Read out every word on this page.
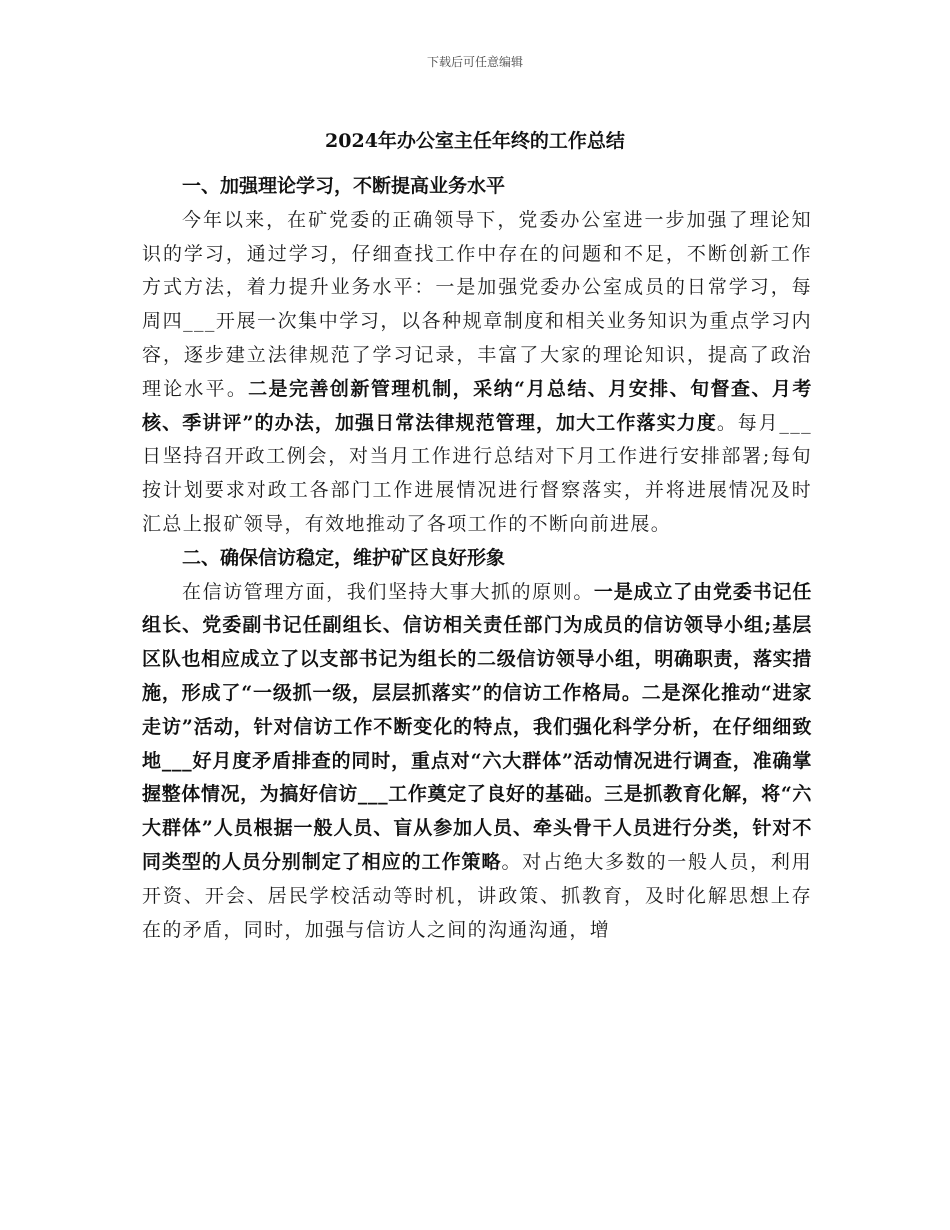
下载后可任意编辑
2024年办公室主任年终的工作总结

一、加强理论学习，不断提高业务水平

今年以来，在矿党委的正确领导下，党委办公室进一步加强了理论知识的学习，通过学习，仔细查找工作中存在的问题和不足，不断创新工作方式方法，着力提升业务水平：一是加强党委办公室成员的日常学习，每周四___开展一次集中学习，以各种规章制度和相关业务知识为重点学习内容，逐步建立法律规范了学习记录，丰富了大家的理论知识，提高了政治理论水平。二是完善创新管理机制，采纳“月总结、月安排、旬督查、月考核、季讲评”的办法，加强日常法律规范管理，加大工作落实力度。每月___日坚持召开政工例会，对当月工作进行总结对下月工作进行安排部署;每旬按计划要求对政工各部门工作进展情况进行督察落实，并将进展情况及时汇总上报矿领导，有效地推动了各项工作的不断向前进展。

二、确保信访稳定，维护矿区良好形象

在信访管理方面，我们坚持大事大抓的原则。一是成立了由党委书记任组长、党委副书记任副组长、信访相关责任部门为成员的信访领导小组;基层区队也相应成立了以支部书记为组长的二级信访领导小组，明确职责，落实措施，形成了“一级抓一级，层层抓落实”的信访工作格局。二是深化推动“进家走访”活动，针对信访工作不断变化的特点，我们强化科学分析，在仔细细致地___好月度矛盾排查的同时，重点对“六大群体”活动情况进行调查，准确掌握整体情况，为搞好信访___工作奠定了良好的基础。三是抓教育化解，将“六大群体”人员根据一般人员、盲从参加人员、牵头骨干人员进行分类，针对不同类型的人员分别制定了相应的工作策略。对占绝大多数的一般人员，利用开资、开会、居民学校活动等时机，讲政策、抓教育，及时化解思想上存在的矛盾，同时，加强与信访人之间的沟通沟通，增
